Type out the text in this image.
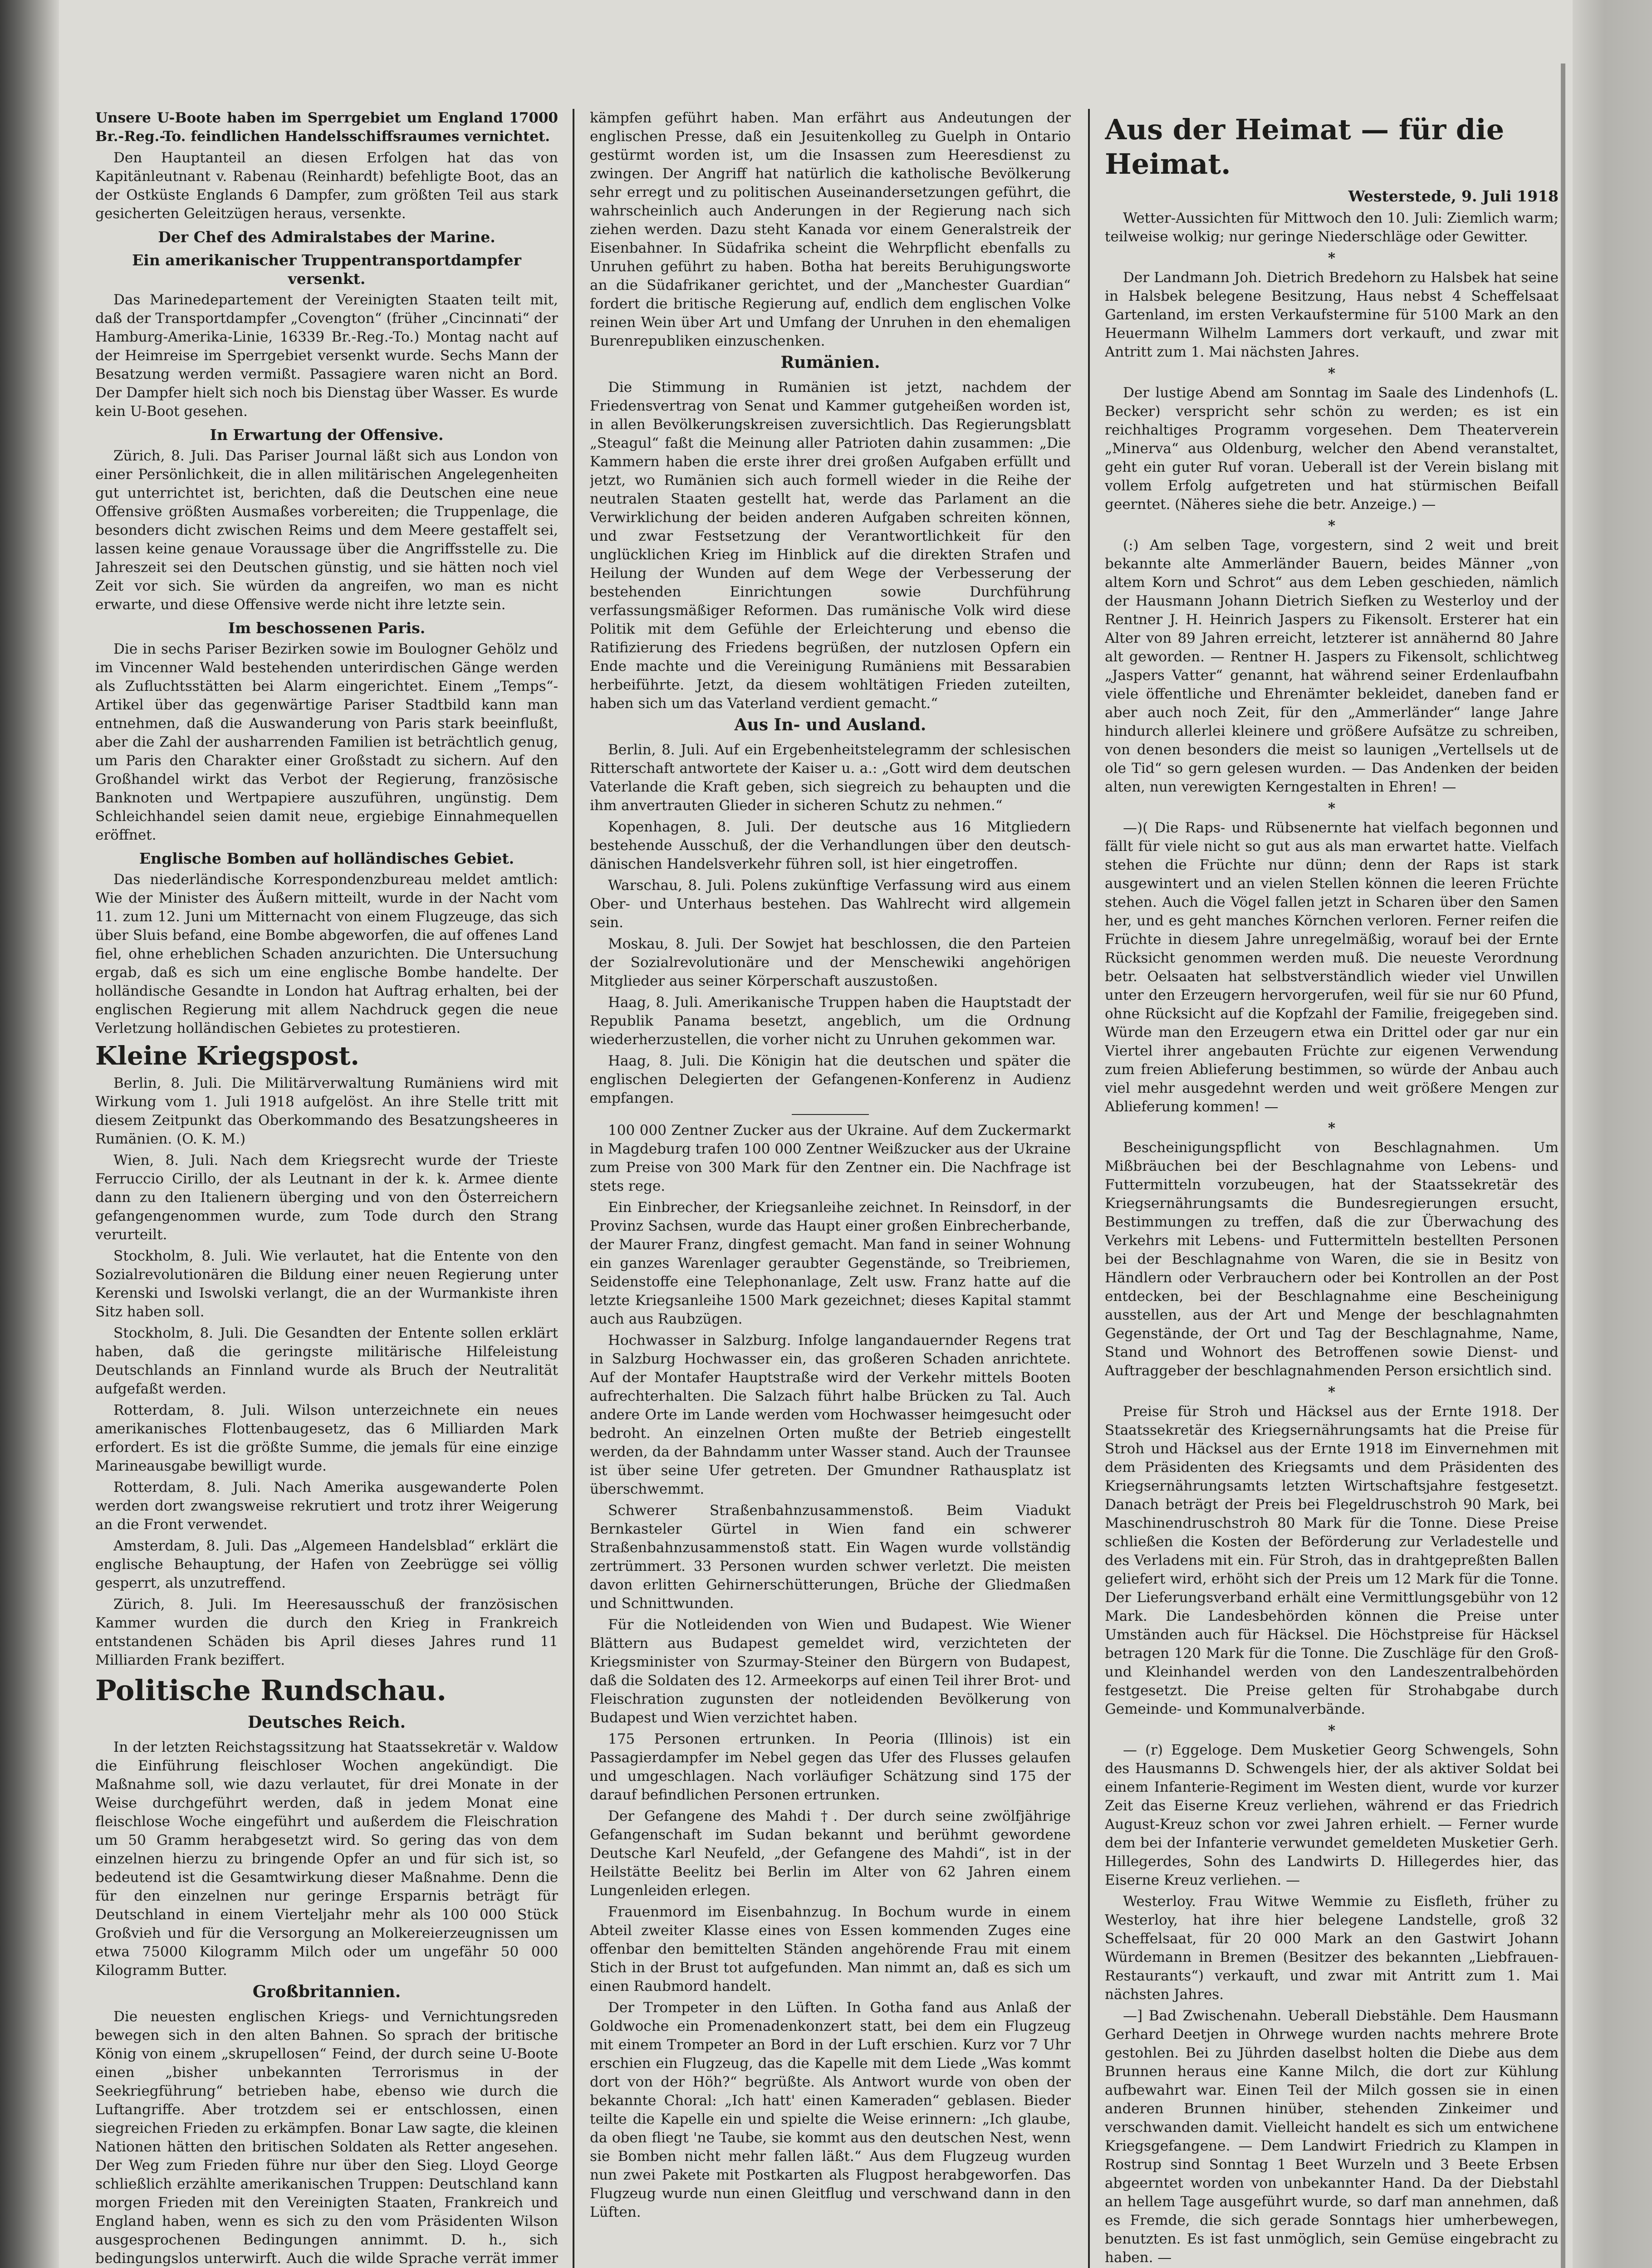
Unsere U-Boote haben im Sperrgebiet um England 17000 Br.-Reg.-To. feindlichen Handelsschiffsraumes vernichtet.

Den Hauptanteil an diesen Erfolgen hat das von Kapitänleutnant v. Rabenau (Reinhardt) befehligte Boot, das an der Ostküste Englands 6 Dampfer, zum größten Teil aus stark gesicherten Geleitzügen heraus, versenkte.

Der Chef des Admiralstabes der Marine.
Ein amerikanischer Truppentransportdampfer versenkt.

Das Marinedepartement der Vereinigten Staaten teilt mit, daß der Transportdampfer „Covengton“ (früher „Cincinnati“ der Hamburg-Amerika-Linie, 16339 Br.-Reg.-To.) Montag nacht auf der Heimreise im Sperrgebiet versenkt wurde. Sechs Mann der Besatzung werden vermißt. Passagiere waren nicht an Bord. Der Dampfer hielt sich noch bis Dienstag über Wasser. Es wurde kein U-Boot gesehen.

In Erwartung der Offensive.

Zürich, 8. Juli. Das Pariser Journal läßt sich aus London von einer Persönlichkeit, die in allen militärischen Angelegenheiten gut unterrichtet ist, berichten, daß die Deutschen eine neue Offensive größten Ausmaßes vorbereiten; die Truppenlage, die besonders dicht zwischen Reims und dem Meere gestaffelt sei, lassen keine genaue Voraussage über die Angriffsstelle zu. Die Jahreszeit sei den Deutschen günstig, und sie hätten noch viel Zeit vor sich. Sie würden da angreifen, wo man es nicht erwarte, und diese Offensive werde nicht ihre letzte sein.

Im beschossenen Paris.

Die in sechs Pariser Bezirken sowie im Boulogner Gehölz und im Vincenner Wald bestehenden unterirdischen Gänge werden als Zufluchtsstätten bei Alarm eingerichtet. Einem „Temps“-Artikel über das gegenwärtige Pariser Stadtbild kann man entnehmen, daß die Auswanderung von Paris stark beeinflußt, aber die Zahl der ausharrenden Familien ist beträchtlich genug, um Paris den Charakter einer Großstadt zu sichern. Auf den Großhandel wirkt das Verbot der Regierung, französische Banknoten und Wertpapiere auszuführen, ungünstig. Dem Schleichhandel seien damit neue, ergiebige Einnahmequellen eröffnet.

Englische Bomben auf holländisches Gebiet.

Das niederländische Korrespondenzbureau meldet amtlich: Wie der Minister des Äußern mitteilt, wurde in der Nacht vom 11. zum 12. Juni um Mitternacht von einem Flugzeuge, das sich über Sluis befand, eine Bombe abgeworfen, die auf offenes Land fiel, ohne erheblichen Schaden anzurichten. Die Untersuchung ergab, daß es sich um eine englische Bombe handelte. Der holländische Gesandte in London hat Auftrag erhalten, bei der englischen Regierung mit allem Nachdruck gegen die neue Verletzung holländischen Gebietes zu protestieren.

Kleine Kriegspost.

Berlin, 8. Juli. Die Militärverwaltung Rumäniens wird mit Wirkung vom 1. Juli 1918 aufgelöst. An ihre Stelle tritt mit diesem Zeitpunkt das Oberkommando des Besatzungsheeres in Rumänien. (O. K. M.)

Wien, 8. Juli. Nach dem Kriegsrecht wurde der Trieste Ferruccio Cirillo, der als Leutnant in der k. k. Armee diente dann zu den Italienern überging und von den Österreichern gefangengenommen wurde, zum Tode durch den Strang verurteilt.

Stockholm, 8. Juli. Wie verlautet, hat die Entente von den Sozialrevolutionären die Bildung einer neuen Regierung unter Kerenski und Iswolski verlangt, die an der Wurmankiste ihren Sitz haben soll.

Stockholm, 8. Juli. Die Gesandten der Entente sollen erklärt haben, daß die geringste militärische Hilfeleistung Deutschlands an Finnland wurde als Bruch der Neutralität aufgefaßt werden.

Rotterdam, 8. Juli. Wilson unterzeichnete ein neues amerikanisches Flottenbaugesetz, das 6 Milliarden Mark erfordert. Es ist die größte Summe, die jemals für eine einzige Marineausgabe bewilligt wurde.

Rotterdam, 8. Juli. Nach Amerika ausgewanderte Polen werden dort zwangsweise rekrutiert und trotz ihrer Weigerung an die Front verwendet.

Amsterdam, 8. Juli. Das „Algemeen Handelsblad“ erklärt die englische Behauptung, der Hafen von Zeebrügge sei völlig gesperrt, als unzutreffend.

Zürich, 8. Juli. Im Heeresausschuß der französischen Kammer wurden die durch den Krieg in Frankreich entstandenen Schäden bis April dieses Jahres rund 11 Milliarden Frank beziffert.

Politische Rundschau.
Deutsches Reich.

In der letzten Reichstagssitzung hat Staatssekretär v. Waldow die Einführung fleischloser Wochen angekündigt. Die Maßnahme soll, wie dazu verlautet, für drei Monate in der Weise durchgeführt werden, daß in jedem Monat eine fleischlose Woche eingeführt und außerdem die Fleischration um 50 Gramm herabgesetzt wird. So gering das von dem einzelnen hierzu zu bringende Opfer an und für sich ist, so bedeutend ist die Gesamtwirkung dieser Maßnahme. Denn die für den einzelnen nur geringe Ersparnis beträgt für Deutschland in einem Vierteljahr mehr als 100 000 Stück Großvieh und für die Versorgung an Molkereierzeugnissen um etwa 75000 Kilogramm Milch oder um ungefähr 50 000 Kilogramm Butter.

Großbritannien.

Die neuesten englischen Kriegs- und Vernichtungsreden bewegen sich in den alten Bahnen. So sprach der britische König von einem „skrupellosen“ Feind, der durch seine U-Boote einen „bisher unbekannten Terrorismus in der Seekriegführung“ betrieben habe, ebenso wie durch die Luftangriffe. Aber trotzdem sei er entschlossen, einen siegreichen Frieden zu erkämpfen. Bonar Law sagte, die kleinen Nationen hätten den britischen Soldaten als Retter angesehen. Der Weg zum Frieden führe nur über den Sieg. Lloyd George schließlich erzählte amerikanischen Truppen: Deutschland kann morgen Frieden mit den Vereinigten Staaten, Frankreich und England haben, wenn es sich zu den vom Präsidenten Wilson ausgesprochenen Bedingungen annimmt. D. h., sich bedingungslos unterwirft. Auch die wilde Sprache verrät immer

kämpfen geführt haben. Man erfährt aus Andeutungen der englischen Presse, daß ein Jesuitenkolleg zu Guelph in Ontario gestürmt worden ist, um die Insassen zum Heeresdienst zu zwingen. Der Angriff hat natürlich die katholische Bevölkerung sehr erregt und zu politischen Auseinandersetzungen geführt, die wahrscheinlich auch Anderungen in der Regierung nach sich ziehen werden. Dazu steht Kanada vor einem Generalstreik der Eisenbahner. In Südafrika scheint die Wehrpflicht ebenfalls zu Unruhen geführt zu haben. Botha hat bereits Beruhigungsworte an die Südafrikaner gerichtet, und der „Manchester Guardian“ fordert die britische Regierung auf, endlich dem englischen Volke reinen Wein über Art und Umfang der Unruhen in den ehemaligen Burenrepubliken einzuschenken.

Rumänien.

Die Stimmung in Rumänien ist jetzt, nachdem der Friedensvertrag von Senat und Kammer gutgeheißen worden ist, in allen Bevölkerungskreisen zuversichtlich. Das Regierungsblatt „Steagul“ faßt die Meinung aller Patrioten dahin zusammen: „Die Kammern haben die erste ihrer drei großen Aufgaben erfüllt und jetzt, wo Rumänien sich auch formell wieder in die Reihe der neutralen Staaten gestellt hat, werde das Parlament an die Verwirklichung der beiden anderen Aufgaben schreiten können, und zwar Festsetzung der Verantwortlichkeit für den unglücklichen Krieg im Hinblick auf die direkten Strafen und Heilung der Wunden auf dem Wege der Verbesserung der bestehenden Einrichtungen sowie Durchführung verfassungsmäßiger Reformen. Das rumänische Volk wird diese Politik mit dem Gefühle der Erleichterung und ebenso die Ratifizierung des Friedens begrüßen, der nutzlosen Opfern ein Ende machte und die Vereinigung Rumäniens mit Bessarabien herbeiführte. Jetzt, da diesem wohltätigen Frieden zuteilten, haben sich um das Vaterland verdient gemacht.“

Aus In- und Ausland.

Berlin, 8. Juli. Auf ein Ergebenheitstelegramm der schlesischen Ritterschaft antwortete der Kaiser u. a.: „Gott wird dem deutschen Vaterlande die Kraft geben, sich siegreich zu behaupten und die ihm anvertrauten Glieder in sicheren Schutz zu nehmen.“

Kopenhagen, 8. Juli. Der deutsche aus 16 Mitgliedern bestehende Ausschuß, der die Verhandlungen über den deutsch-dänischen Handelsverkehr führen soll, ist hier eingetroffen.

Warschau, 8. Juli. Polens zukünftige Verfassung wird aus einem Ober- und Unterhaus bestehen. Das Wahlrecht wird allgemein sein.

Moskau, 8. Juli. Der Sowjet hat beschlossen, die den Parteien der Sozialrevolutionäre und der Menschewiki angehörigen Mitglieder aus seiner Körperschaft auszustoßen.

Haag, 8. Juli. Amerikanische Truppen haben die Hauptstadt der Republik Panama besetzt, angeblich, um die Ordnung wiederherzustellen, die vorher nicht zu Unruhen gekommen war.

Haag, 8. Juli. Die Königin hat die deutschen und später die englischen Delegierten der Gefangenen-Konferenz in Audienz empfangen.

100 000 Zentner Zucker aus der Ukraine. Auf dem Zuckermarkt in Magdeburg trafen 100 000 Zentner Weißzucker aus der Ukraine zum Preise von 300 Mark für den Zentner ein. Die Nachfrage ist stets rege.

Ein Einbrecher, der Kriegsanleihe zeichnet. In Reinsdorf, in der Provinz Sachsen, wurde das Haupt einer großen Einbrecherbande, der Maurer Franz, dingfest gemacht. Man fand in seiner Wohnung ein ganzes Warenlager geraubter Gegenstände, so Treibriemen, Seidenstoffe eine Telephonanlage, Zelt usw. Franz hatte auf die letzte Kriegsanleihe 1500 Mark gezeichnet; dieses Kapital stammt auch aus Raubzügen.

Hochwasser in Salzburg. Infolge langandauernder Regens trat in Salzburg Hochwasser ein, das großeren Schaden anrichtete. Auf der Montafer Hauptstraße wird der Verkehr mittels Booten aufrechterhalten. Die Salzach führt halbe Brücken zu Tal. Auch andere Orte im Lande werden vom Hochwasser heimgesucht oder bedroht. An einzelnen Orten mußte der Betrieb eingestellt werden, da der Bahndamm unter Wasser stand. Auch der Traunsee ist über seine Ufer getreten. Der Gmundner Rathausplatz ist überschwemmt.

Schwerer Straßenbahnzusammenstoß. Beim Viadukt Bernkasteler Gürtel in Wien fand ein schwerer Straßenbahnzusammenstoß statt. Ein Wagen wurde vollständig zertrümmert. 33 Personen wurden schwer verletzt. Die meisten davon erlitten Gehirnerschütterungen, Brüche der Gliedmaßen und Schnittwunden.

Für die Notleidenden von Wien und Budapest. Wie Wiener Blättern aus Budapest gemeldet wird, verzichteten der Kriegsminister von Szurmay-Steiner den Bürgern von Budapest, daß die Soldaten des 12. Armeekorps auf einen Teil ihrer Brot- und Fleischration zugunsten der notleidenden Bevölkerung von Budapest und Wien verzichtet haben.

175 Personen ertrunken. In Peoria (Illinois) ist ein Passagierdampfer im Nebel gegen das Ufer des Flusses gelaufen und umgeschlagen. Nach vorläufiger Schätzung sind 175 der darauf befindlichen Personen ertrunken.

Der Gefangene des Mahdi †. Der durch seine zwölfjährige Gefangenschaft im Sudan bekannt und berühmt gewordene Deutsche Karl Neufeld, „der Gefangene des Mahdi“, ist in der Heilstätte Beelitz bei Berlin im Alter von 62 Jahren einem Lungenleiden erlegen.

Frauenmord im Eisenbahnzug. In Bochum wurde in einem Abteil zweiter Klasse eines von Essen kommenden Zuges eine offenbar den bemittelten Ständen angehörende Frau mit einem Stich in der Brust tot aufgefunden. Man nimmt an, daß es sich um einen Raubmord handelt.

Der Trompeter in den Lüften. In Gotha fand aus Anlaß der Goldwoche ein Promenadenkonzert statt, bei dem ein Flugzeug mit einem Trompeter an Bord in der Luft erschien. Kurz vor 7 Uhr erschien ein Flugzeug, das die Kapelle mit dem Liede „Was kommt dort von der Höh?“ begrüßte. Als Antwort wurde von oben der bekannte Choral: „Ich hatt' einen Kameraden“ geblasen. Bieder teilte die Kapelle ein und spielte die Weise erinnern: „Ich glaube, da oben fliegt 'ne Taube, sie kommt aus den deutschen Nest, wenn sie Bomben nicht mehr fallen läßt.“ Aus dem Flugzeug wurden nun zwei Pakete mit Postkarten als Flugpost herabgeworfen. Das Flugzeug wurde nun einen Gleitflug und verschwand dann in den Lüften.

Aus der Heimat — für die Heimat.
Westerstede, 9. Juli 1918

Wetter-Aussichten für Mittwoch den 10. Juli: Ziemlich warm; teilweise wolkig; nur geringe Niederschläge oder Gewitter.

*

Der Landmann Joh. Dietrich Bredehorn zu Halsbek hat seine in Halsbek belegene Besitzung, Haus nebst 4 Scheffelsaat Gartenland, im ersten Verkaufstermine für 5100 Mark an den Heuermann Wilhelm Lammers dort verkauft, und zwar mit Antritt zum 1. Mai nächsten Jahres.

*

Der lustige Abend am Sonntag im Saale des Lindenhofs (L. Becker) verspricht sehr schön zu werden; es ist ein reichhaltiges Programm vorgesehen. Dem Theaterverein „Minerva“ aus Oldenburg, welcher den Abend veranstaltet, geht ein guter Ruf voran. Ueberall ist der Verein bislang mit vollem Erfolg aufgetreten und hat stürmischen Beifall geerntet. (Näheres siehe die betr. Anzeige.) —

*

(:) Am selben Tage, vorgestern, sind 2 weit und breit bekannte alte Ammerländer Bauern, beides Männer „von altem Korn und Schrot“ aus dem Leben geschieden, nämlich der Hausmann Johann Dietrich Siefken zu Westerloy und der Rentner J. H. Heinrich Jaspers zu Fikensolt. Ersterer hat ein Alter von 89 Jahren erreicht, letzterer ist annähernd 80 Jahre alt geworden. — Rentner H. Jaspers zu Fikensolt, schlichtweg „Jaspers Vatter“ genannt, hat während seiner Erdenlaufbahn viele öffentliche und Ehrenämter bekleidet, daneben fand er aber auch noch Zeit, für den „Ammerländer“ lange Jahre hindurch allerlei kleinere und größere Aufsätze zu schreiben, von denen besonders die meist so launigen „Vertellsels ut de ole Tid“ so gern gelesen wurden. — Das Andenken der beiden alten, nun verewigten Kerngestalten in Ehren! —

*

—)( Die Raps- und Rübsenernte hat vielfach begonnen und fällt für viele nicht so gut aus als man erwartet hatte. Vielfach stehen die Früchte nur dünn; denn der Raps ist stark ausgewintert und an vielen Stellen können die leeren Früchte stehen. Auch die Vögel fallen jetzt in Scharen über den Samen her, und es geht manches Körnchen verloren. Ferner reifen die Früchte in diesem Jahre unregelmäßig, worauf bei der Ernte Rücksicht genommen werden muß. Die neueste Verordnung betr. Oelsaaten hat selbstverständlich wieder viel Unwillen unter den Erzeugern hervorgerufen, weil für sie nur 60 Pfund, ohne Rücksicht auf die Kopfzahl der Familie, freigegeben sind. Würde man den Erzeugern etwa ein Drittel oder gar nur ein Viertel ihrer angebauten Früchte zur eigenen Verwendung zum freien Ablieferung bestimmen, so würde der Anbau auch viel mehr ausgedehnt werden und weit größere Mengen zur Ablieferung kommen! —

*

Bescheinigungspflicht von Beschlagnahmen. Um Mißbräuchen bei der Beschlagnahme von Lebens- und Futtermitteln vorzubeugen, hat der Staatssekretär des Kriegsernährungsamts die Bundesregierungen ersucht, Bestimmungen zu treffen, daß die zur Überwachung des Verkehrs mit Lebens- und Futtermitteln bestellten Personen bei der Beschlagnahme von Waren, die sie in Besitz von Händlern oder Verbrauchern oder bei Kontrollen an der Post entdecken, bei der Beschlagnahme eine Bescheinigung ausstellen, aus der Art und Menge der beschlagnahmten Gegenstände, der Ort und Tag der Beschlagnahme, Name, Stand und Wohnort des Betroffenen sowie Dienst- und Auftraggeber der beschlagnahmenden Person ersichtlich sind.

*

Preise für Stroh und Häcksel aus der Ernte 1918. Der Staatssekretär des Kriegsernährungsamts hat die Preise für Stroh und Häcksel aus der Ernte 1918 im Einvernehmen mit dem Präsidenten des Kriegsamts und dem Präsidenten des Kriegsernährungsamts letzten Wirtschaftsjahre festgesetzt. Danach beträgt der Preis bei Flegeldruschstroh 90 Mark, bei Maschinendruschstroh 80 Mark für die Tonne. Diese Preise schließen die Kosten der Beförderung zur Verladestelle und des Verladens mit ein. Für Stroh, das in drahtgepreßten Ballen geliefert wird, erhöht sich der Preis um 12 Mark für die Tonne. Der Lieferungsverband erhält eine Vermittlungsgebühr von 12 Mark. Die Landesbehörden können die Preise unter Umständen auch für Häcksel. Die Höchstpreise für Häcksel betragen 120 Mark für die Tonne. Die Zuschläge für den Groß- und Kleinhandel werden von den Landeszentralbehörden festgesetzt. Die Preise gelten für Strohabgabe durch Gemeinde- und Kommunalverbände.

*

— (r) Eggeloge. Dem Musketier Georg Schwengels, Sohn des Hausmanns D. Schwengels hier, der als aktiver Soldat bei einem Infanterie-Regiment im Westen dient, wurde vor kurzer Zeit das Eiserne Kreuz verliehen, während er das Friedrich August-Kreuz schon vor zwei Jahren erhielt. — Ferner wurde dem bei der Infanterie verwundet gemeldeten Musketier Gerh. Hillegerdes, Sohn des Landwirts D. Hillegerdes hier, das Eiserne Kreuz verliehen. —

Westerloy. Frau Witwe Wemmie zu Eisfleth, früher zu Westerloy, hat ihre hier belegene Landstelle, groß 32 Scheffelsaat, für 20 000 Mark an den Gastwirt Johann Würdemann in Bremen (Besitzer des bekannten „Liebfrauen-Restaurants“) verkauft, und zwar mit Antritt zum 1. Mai nächsten Jahres.

—] Bad Zwischenahn. Ueberall Diebstähle. Dem Hausmann Gerhard Deetjen in Ohrwege wurden nachts mehrere Brote gestohlen. Bei zu Jührden daselbst holten die Diebe aus dem Brunnen heraus eine Kanne Milch, die dort zur Kühlung aufbewahrt war. Einen Teil der Milch gossen sie in einen anderen Brunnen hinüber, stehenden Zinkeimer und verschwanden damit. Vielleicht handelt es sich um entwichene Kriegsgefangene. — Dem Landwirt Friedrich zu Klampen in Rostrup sind Sonntag 1 Beet Wurzeln und 3 Beete Erbsen abgeerntet worden von unbekannter Hand. Da der Diebstahl an hellem Tage ausgeführt wurde, so darf man annehmen, daß es Fremde, die sich gerade Sonntags hier umherbewegen, benutzten. Es ist fast unmöglich, sein Gemüse eingebracht zu haben. —
